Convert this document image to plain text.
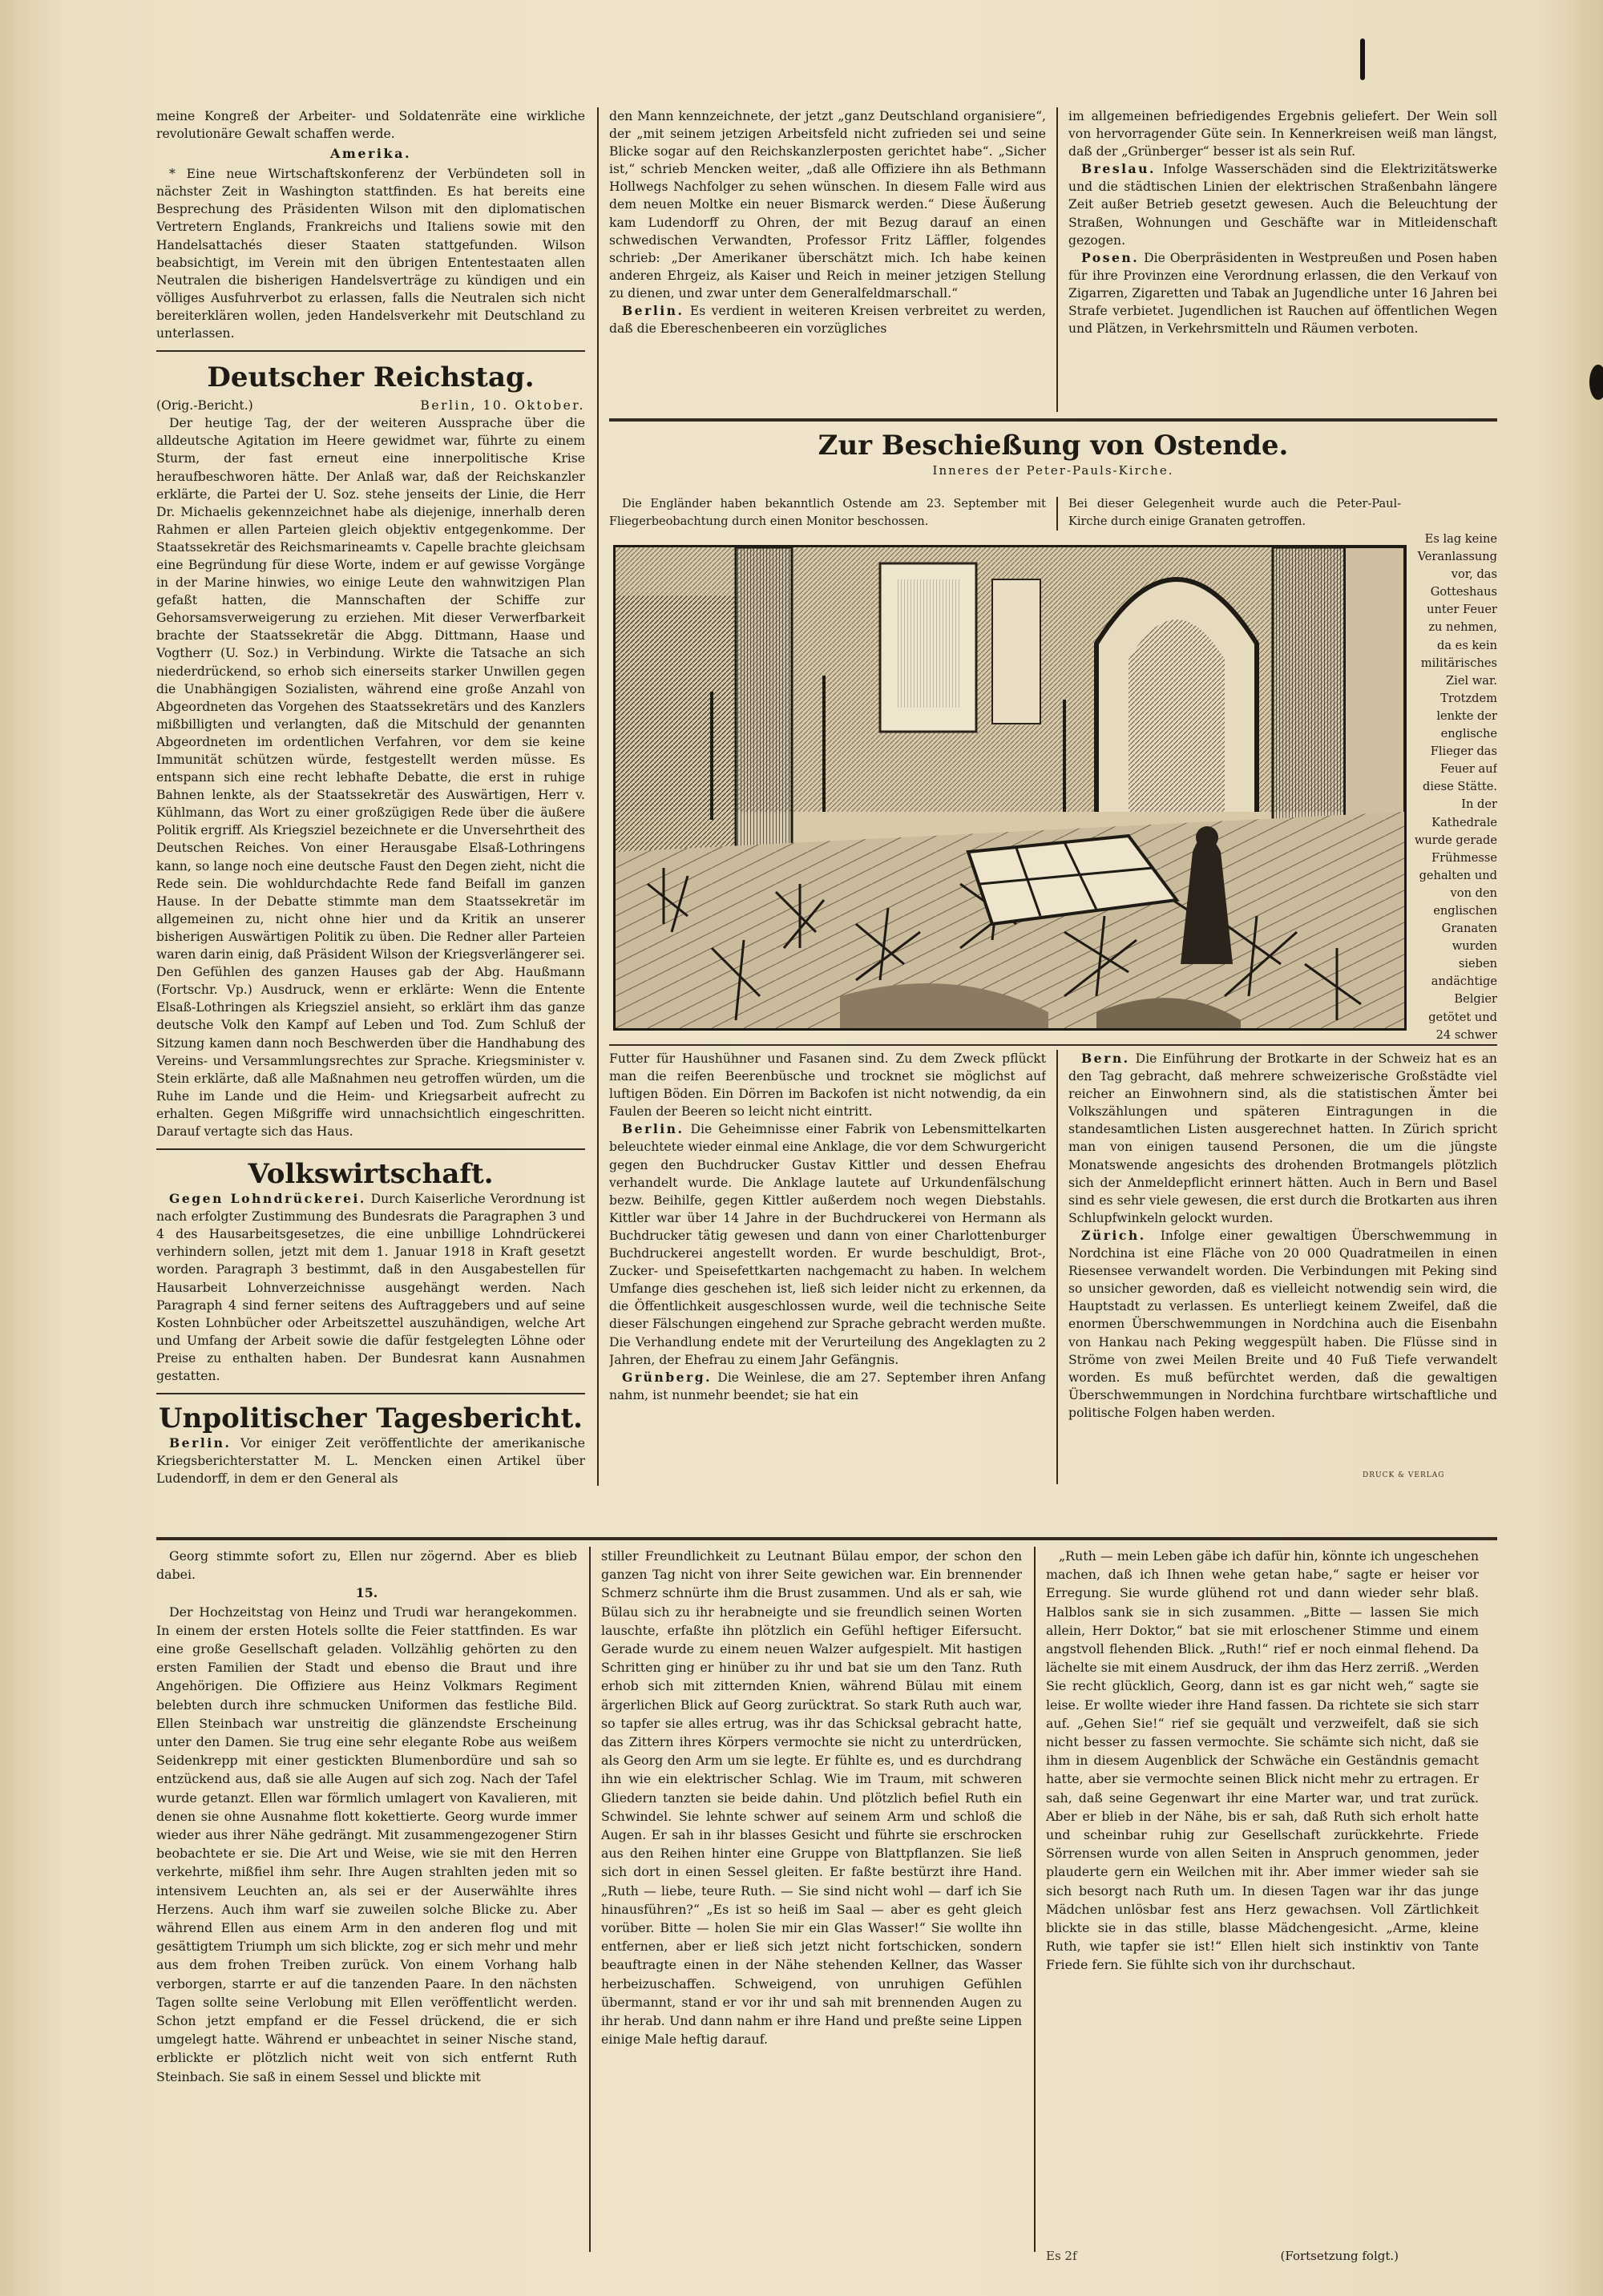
meine Kongreß der Arbeiter- und Soldatenräte eine wirkliche revolutionäre Gewalt schaffen werde.

Amerika.

* Eine neue Wirtschaftskonferenz der Verbündeten soll in nächster Zeit in Washington stattfinden. Es hat bereits eine Besprechung des Präsidenten Wilson mit den diplomatischen Vertretern Englands, Frankreichs und Italiens sowie mit den Handelsattachés dieser Staaten stattgefunden. Wilson beabsichtigt, im Verein mit den übrigen Ententestaaten allen Neutralen die bisherigen Handelsverträge zu kündigen und ein völliges Ausfuhrverbot zu erlassen, falls die Neutralen sich nicht bereiterklären wollen, jeden Handelsverkehr mit Deutschland zu unterlassen.

Deutscher Reichstag.
(Orig.-Bericht.)	Berlin, 10. Oktober.

Der heutige Tag, der der weiteren Aussprache über die alldeutsche Agitation im Heere gewidmet war, führte zu einem Sturm, der fast erneut eine innerpolitische Krise heraufbeschworen hätte. Der Anlaß war, daß der Reichskanzler erklärte, die Partei der U. Soz. stehe jenseits der Linie, die Herr Dr. Michaelis gekennzeichnet habe als diejenige, innerhalb deren Rahmen er allen Parteien gleich objektiv entgegenkomme. Der Staatssekretär des Reichsmarineamts v. Capelle brachte gleichsam eine Begründung für diese Worte, indem er auf gewisse Vorgänge in der Marine hinwies, wo einige Leute den wahnwitzigen Plan gefaßt hatten, die Mannschaften der Schiffe zur Gehorsamsverweigerung zu erziehen. Mit dieser Verwerfbarkeit brachte der Staatssekretär die Abgg. Dittmann, Haase und Vogtherr (U. Soz.) in Verbindung. Wirkte die Tatsache an sich niederdrückend, so erhob sich einerseits starker Unwillen gegen die Unabhängigen Sozialisten, während eine große Anzahl von Abgeordneten das Vorgehen des Staatssekretärs und des Kanzlers mißbilligten und verlangten, daß die Mitschuld der genannten Abgeordneten im ordentlichen Verfahren, vor dem sie keine Immunität schützen würde, festgestellt werden müsse. Es entspann sich eine recht lebhafte Debatte, die erst in ruhige Bahnen lenkte, als der Staatssekretär des Auswärtigen, Herr v. Kühlmann, das Wort zu einer großzügigen Rede über die äußere Politik ergriff. Als Kriegsziel bezeichnete er die Unversehrtheit des Deutschen Reiches. Von einer Herausgabe Elsaß-Lothringens kann, so lange noch eine deutsche Faust den Degen zieht, nicht die Rede sein. Die wohldurchdachte Rede fand Beifall im ganzen Hause. In der Debatte stimmte man dem Staatssekretär im allgemeinen zu, nicht ohne hier und da Kritik an unserer bisherigen Auswärtigen Politik zu üben. Die Redner aller Parteien waren darin einig, daß Präsident Wilson der Kriegsverlängerer sei. Den Gefühlen des ganzen Hauses gab der Abg. Haußmann (Fortschr. Vp.) Ausdruck, wenn er erklärte: Wenn die Entente Elsaß-Lothringen als Kriegsziel ansieht, so erklärt ihm das ganze deutsche Volk den Kampf auf Leben und Tod. Zum Schluß der Sitzung kamen dann noch Beschwerden über die Handhabung des Vereins- und Versammlungsrechtes zur Sprache. Kriegsminister v. Stein erklärte, daß alle Maßnahmen neu getroffen würden, um die Ruhe im Lande und die Heim- und Kriegsarbeit aufrecht zu erhalten. Gegen Mißgriffe wird unnachsichtlich eingeschritten. Darauf vertagte sich das Haus.

Volkswirtschaft.

Gegen Lohndrückerei. Durch Kaiserliche Verordnung ist nach erfolgter Zustimmung des Bundesrats die Paragraphen 3 und 4 des Hausarbeitsgesetzes, die eine unbillige Lohndrückerei verhindern sollen, jetzt mit dem 1. Januar 1918 in Kraft gesetzt worden. Paragraph 3 bestimmt, daß in den Ausgabestellen für Hausarbeit Lohnverzeichnisse ausgehängt werden. Nach Paragraph 4 sind ferner seitens des Auftraggebers und auf seine Kosten Lohnbücher oder Arbeitszettel auszuhändigen, welche Art und Umfang der Arbeit sowie die dafür festgelegten Löhne oder Preise zu enthalten haben. Der Bundesrat kann Ausnahmen gestatten.

Unpolitischer Tagesbericht.

Berlin. Vor einiger Zeit veröffentlichte der amerikanische Kriegsberichterstatter M. L. Mencken einen Artikel über Ludendorff, in dem er den General als

den Mann kennzeichnete, der jetzt „ganz Deutschland organisiere“, der „mit seinem jetzigen Arbeitsfeld nicht zufrieden sei und seine Blicke sogar auf den Reichskanzlerposten gerichtet habe“. „Sicher ist,“ schrieb Mencken weiter, „daß alle Offiziere ihn als Bethmann Hollwegs Nachfolger zu sehen wünschen. In diesem Falle wird aus dem neuen Moltke ein neuer Bismarck werden.“ Diese Äußerung kam Ludendorff zu Ohren, der mit Bezug darauf an einen schwedischen Verwandten, Professor Fritz Läffler, folgendes schrieb: „Der Amerikaner überschätzt mich. Ich habe keinen anderen Ehrgeiz, als Kaiser und Reich in meiner jetzigen Stellung zu dienen, und zwar unter dem Generalfeldmarschall.“

Berlin. Es verdient in weiteren Kreisen verbreitet zu werden, daß die Ebereschenbeeren ein vorzügliches

im allgemeinen befriedigendes Ergebnis geliefert. Der Wein soll von hervorragender Güte sein. In Kennerkreisen weiß man längst, daß der „Grünberger“ besser ist als sein Ruf.

Breslau. Infolge Wasserschäden sind die Elektrizitätswerke und die städtischen Linien der elektrischen Straßenbahn längere Zeit außer Betrieb gesetzt gewesen. Auch die Beleuchtung der Straßen, Wohnungen und Geschäfte war in Mitleidenschaft gezogen.

Posen. Die Oberpräsidenten in Westpreußen und Posen haben für ihre Provinzen eine Verordnung erlassen, die den Verkauf von Zigarren, Zigaretten und Tabak an Jugendliche unter 16 Jahren bei Strafe verbietet. Jugendlichen ist Rauchen auf öffentlichen Wegen und Plätzen, in Verkehrsmitteln und Räumen verboten.

Zur Beschießung von Ostende.
Inneres der Peter-Pauls-Kirche.

Die Engländer haben bekanntlich Ostende am 23. September mit Fliegerbeobachtung durch einen Monitor beschossen.

Bei dieser Gelegenheit wurde auch die Peter-Paul-Kirche durch einige Granaten getroffen.

Es lag keine Veranlassung vor, das Gotteshaus unter Feuer zu nehmen, da es kein militärisches Ziel war. Trotzdem lenkte der englische Flieger das Feuer auf diese Stätte. In der Kathedrale wurde gerade Frühmesse gehalten und von den englischen Granaten wurden sieben andächtige Belgier getötet und 24 schwer

Futter für Haushühner und Fasanen sind. Zu dem Zweck pflückt man die reifen Beerenbüsche und trocknet sie möglichst auf luftigen Böden. Ein Dörren im Backofen ist nicht notwendig, da ein Faulen der Beeren so leicht nicht eintritt.

Berlin. Die Geheimnisse einer Fabrik von Lebensmittelkarten beleuchtete wieder einmal eine Anklage, die vor dem Schwurgericht gegen den Buchdrucker Gustav Kittler und dessen Ehefrau verhandelt wurde. Die Anklage lautete auf Urkundenfälschung bezw. Beihilfe, gegen Kittler außerdem noch wegen Diebstahls. Kittler war über 14 Jahre in der Buchdruckerei von Hermann als Buchdrucker tätig gewesen und dann von einer Charlottenburger Buchdruckerei angestellt worden. Er wurde beschuldigt, Brot-, Zucker- und Speisefettkarten nachgemacht zu haben. In welchem Umfange dies geschehen ist, ließ sich leider nicht zu erkennen, da die Öffentlichkeit ausgeschlossen wurde, weil die technische Seite dieser Fälschungen eingehend zur Sprache gebracht werden mußte. Die Verhandlung endete mit der Verurteilung des Angeklagten zu 2 Jahren, der Ehefrau zu einem Jahr Gefängnis.

Grünberg. Die Weinlese, die am 27. September ihren Anfang nahm, ist nunmehr beendet; sie hat ein

Bern. Die Einführung der Brotkarte in der Schweiz hat es an den Tag gebracht, daß mehrere schweizerische Großstädte viel reicher an Einwohnern sind, als die statistischen Ämter bei Volkszählungen und späteren Eintragungen in die standesamtlichen Listen ausgerechnet hatten. In Zürich spricht man von einigen tausend Personen, die um die jüngste Monatswende angesichts des drohenden Brotmangels plötzlich sich der Anmeldepflicht erinnert hätten. Auch in Bern und Basel sind es sehr viele gewesen, die erst durch die Brotkarten aus ihren Schlupfwinkeln gelockt wurden.

Zürich. Infolge einer gewaltigen Überschwemmung in Nordchina ist eine Fläche von 20 000 Quadratmeilen in einen Riesensee verwandelt worden. Die Verbindungen mit Peking sind so unsicher geworden, daß es vielleicht notwendig sein wird, die Hauptstadt zu verlassen. Es unterliegt keinem Zweifel, daß die enormen Überschwemmungen in Nordchina auch die Eisenbahn von Hankau nach Peking weggespült haben. Die Flüsse sind in Ströme von zwei Meilen Breite und 40 Fuß Tiefe verwandelt worden. Es muß befürchtet werden, daß die gewaltigen Überschwemmungen in Nordchina furchtbare wirtschaftliche und politische Folgen haben werden.

DRUCK & VERLAG

Georg stimmte sofort zu, Ellen nur zögernd. Aber es blieb dabei.

15.

Der Hochzeitstag von Heinz und Trudi war herangekommen. In einem der ersten Hotels sollte die Feier stattfinden. Es war eine große Gesellschaft geladen. Vollzählig gehörten zu den ersten Familien der Stadt und ebenso die Braut und ihre Angehörigen. Die Offiziere aus Heinz Volkmars Regiment belebten durch ihre schmucken Uniformen das festliche Bild. Ellen Steinbach war unstreitig die glänzendste Erscheinung unter den Damen. Sie trug eine sehr elegante Robe aus weißem Seidenkrepp mit einer gestickten Blumenbordüre und sah so entzückend aus, daß sie alle Augen auf sich zog. Nach der Tafel wurde getanzt. Ellen war förmlich umlagert von Kavalieren, mit denen sie ohne Ausnahme flott kokettierte. Georg wurde immer wieder aus ihrer Nähe gedrängt. Mit zusammengezogener Stirn beobachtete er sie. Die Art und Weise, wie sie mit den Herren verkehrte, mißfiel ihm sehr. Ihre Augen strahlten jeden mit so intensivem Leuchten an, als sei er der Auserwählte ihres Herzens. Auch ihm warf sie zuweilen solche Blicke zu. Aber während Ellen aus einem Arm in den anderen flog und mit gesättigtem Triumph um sich blickte, zog er sich mehr und mehr aus dem frohen Treiben zurück. Von einem Vorhang halb verborgen, starrte er auf die tanzenden Paare. In den nächsten Tagen sollte seine Verlobung mit Ellen veröffentlicht werden. Schon jetzt empfand er die Fessel drückend, die er sich umgelegt hatte. Während er unbeachtet in seiner Nische stand, erblickte er plötzlich nicht weit von sich entfernt Ruth Steinbach. Sie saß in einem Sessel und blickte mit

stiller Freundlichkeit zu Leutnant Bülau empor, der schon den ganzen Tag nicht von ihrer Seite gewichen war. Ein brennender Schmerz schnürte ihm die Brust zusammen. Und als er sah, wie Bülau sich zu ihr herabneigte und sie freundlich seinen Worten lauschte, erfaßte ihn plötzlich ein Gefühl heftiger Eifersucht. Gerade wurde zu einem neuen Walzer aufgespielt. Mit hastigen Schritten ging er hinüber zu ihr und bat sie um den Tanz. Ruth erhob sich mit zitternden Knien, während Bülau mit einem ärgerlichen Blick auf Georg zurücktrat. So stark Ruth auch war, so tapfer sie alles ertrug, was ihr das Schicksal gebracht hatte, das Zittern ihres Körpers vermochte sie nicht zu unterdrücken, als Georg den Arm um sie legte. Er fühlte es, und es durchdrang ihn wie ein elektrischer Schlag. Wie im Traum, mit schweren Gliedern tanzten sie beide dahin. Und plötzlich befiel Ruth ein Schwindel. Sie lehnte schwer auf seinem Arm und schloß die Augen. Er sah in ihr blasses Gesicht und führte sie erschrocken aus den Reihen hinter eine Gruppe von Blattpflanzen. Sie ließ sich dort in einen Sessel gleiten. Er faßte bestürzt ihre Hand. „Ruth — liebe, teure Ruth. — Sie sind nicht wohl — darf ich Sie hinausführen?“ „Es ist so heiß im Saal — aber es geht gleich vorüber. Bitte — holen Sie mir ein Glas Wasser!“ Sie wollte ihn entfernen, aber er ließ sich jetzt nicht fortschicken, sondern beauftragte einen in der Nähe stehenden Kellner, das Wasser herbeizuschaffen. Schweigend, von unruhigen Gefühlen übermannt, stand er vor ihr und sah mit brennenden Augen zu ihr herab. Und dann nahm er ihre Hand und preßte seine Lippen einige Male heftig darauf.

„Ruth — mein Leben gäbe ich dafür hin, könnte ich ungeschehen machen, daß ich Ihnen wehe getan habe,“ sagte er heiser vor Erregung. Sie wurde glühend rot und dann wieder sehr blaß. Halblos sank sie in sich zusammen. „Bitte — lassen Sie mich allein, Herr Doktor,“ bat sie mit erloschener Stimme und einem angstvoll flehenden Blick. „Ruth!“ rief er noch einmal flehend. Da lächelte sie mit einem Ausdruck, der ihm das Herz zerriß. „Werden Sie recht glücklich, Georg, dann ist es gar nicht weh,“ sagte sie leise. Er wollte wieder ihre Hand fassen. Da richtete sie sich starr auf. „Gehen Sie!“ rief sie gequält und verzweifelt, daß sie sich nicht besser zu fassen vermochte. Sie schämte sich nicht, daß sie ihm in diesem Augenblick der Schwäche ein Geständnis gemacht hatte, aber sie vermochte seinen Blick nicht mehr zu ertragen. Er sah, daß seine Gegenwart ihr eine Marter war, und trat zurück. Aber er blieb in der Nähe, bis er sah, daß Ruth sich erholt hatte und scheinbar ruhig zur Gesellschaft zurückkehrte. Friede Sörrensen wurde von allen Seiten in Anspruch genommen, jeder plauderte gern ein Weilchen mit ihr. Aber immer wieder sah sie sich besorgt nach Ruth um. In diesen Tagen war ihr das junge Mädchen unlösbar fest ans Herz gewachsen. Voll Zärtlichkeit blickte sie in das stille, blasse Mädchengesicht. „Arme, kleine Ruth, wie tapfer sie ist!“ Ellen hielt sich instinktiv von Tante Friede fern. Sie fühlte sich von ihr durchschaut.

Es 2f	(Fortsetzung folgt.)
